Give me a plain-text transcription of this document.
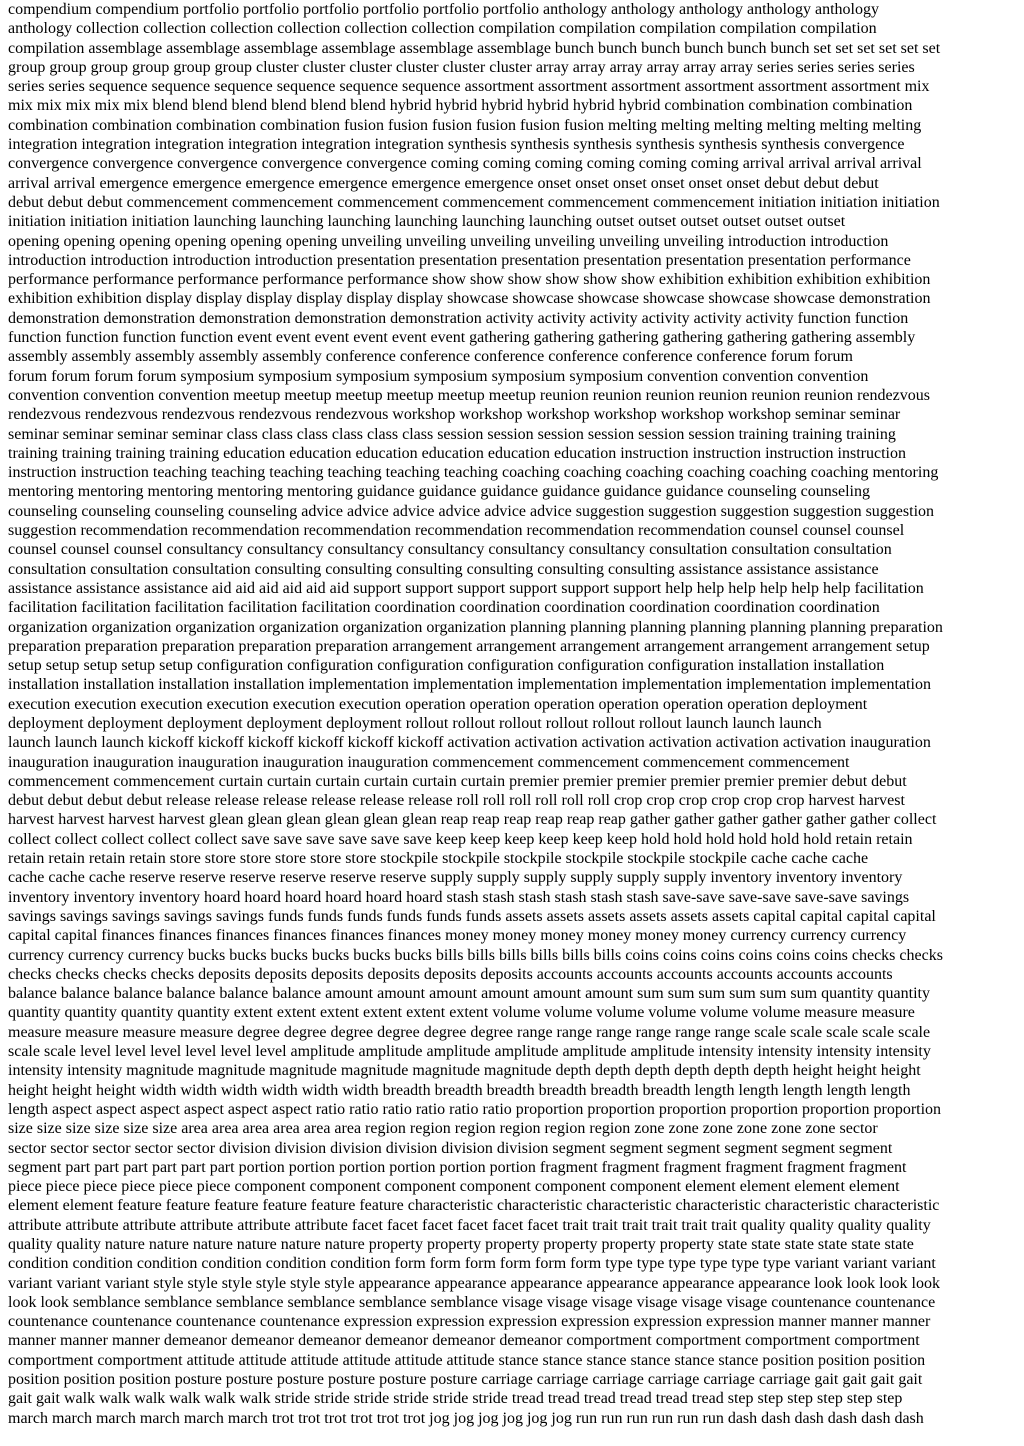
compendium compendium portfolio portfolio portfolio portfolio portfolio portfolio anthology anthology anthology anthology anthology
anthology collection collection collection collection collection collection compilation compilation compilation compilation compilation
compilation assemblage assemblage assemblage assemblage assemblage assemblage bunch bunch bunch bunch bunch bunch set set set set set set
group group group group group group cluster cluster cluster cluster cluster cluster array array array array array array series series series series
series series sequence sequence sequence sequence sequence sequence assortment assortment assortment assortment assortment assortment mix
mix mix mix mix mix blend blend blend blend blend blend hybrid hybrid hybrid hybrid hybrid hybrid combination combination combination
combination combination combination combination fusion fusion fusion fusion fusion fusion melting melting melting melting melting melting
integration integration integration integration integration integration synthesis synthesis synthesis synthesis synthesis synthesis convergence
convergence convergence convergence convergence convergence coming coming coming coming coming coming arrival arrival arrival arrival
arrival arrival emergence emergence emergence emergence emergence emergence onset onset onset onset onset onset debut debut debut
debut debut debut commencement commencement commencement commencement commencement commencement initiation initiation initiation
initiation initiation initiation launching launching launching launching launching launching outset outset outset outset outset outset
opening opening opening opening opening opening unveiling unveiling unveiling unveiling unveiling unveiling introduction introduction
introduction introduction introduction introduction presentation presentation presentation presentation presentation presentation performance
performance performance performance performance performance show show show show show show exhibition exhibition exhibition exhibition
exhibition exhibition display display display display display display showcase showcase showcase showcase showcase showcase demonstration
demonstration demonstration demonstration demonstration demonstration activity activity activity activity activity activity function function
function function function function event event event event event event gathering gathering gathering gathering gathering gathering assembly
assembly assembly assembly assembly assembly conference conference conference conference conference conference forum forum
forum forum forum forum symposium symposium symposium symposium symposium symposium convention convention convention
convention convention convention meetup meetup meetup meetup meetup meetup reunion reunion reunion reunion reunion reunion rendezvous
rendezvous rendezvous rendezvous rendezvous rendezvous workshop workshop workshop workshop workshop workshop seminar seminar
seminar seminar seminar seminar class class class class class class session session session session session session training training training
training training training training education education education education education education instruction instruction instruction instruction
instruction instruction teaching teaching teaching teaching teaching teaching coaching coaching coaching coaching coaching coaching mentoring
mentoring mentoring mentoring mentoring mentoring guidance guidance guidance guidance guidance guidance counseling counseling
counseling counseling counseling counseling advice advice advice advice advice advice suggestion suggestion suggestion suggestion suggestion
suggestion recommendation recommendation recommendation recommendation recommendation recommendation counsel counsel counsel
counsel counsel counsel consultancy consultancy consultancy consultancy consultancy consultancy consultation consultation consultation
consultation consultation consultation consulting consulting consulting consulting consulting consulting assistance assistance assistance
assistance assistance assistance aid aid aid aid aid aid support support support support support support help help help help help help facilitation
facilitation facilitation facilitation facilitation facilitation coordination coordination coordination coordination coordination coordination
organization organization organization organization organization organization planning planning planning planning planning planning preparation
preparation preparation preparation preparation preparation arrangement arrangement arrangement arrangement arrangement arrangement setup
setup setup setup setup setup configuration configuration configuration configuration configuration configuration installation installation
installation installation installation installation implementation implementation implementation implementation implementation implementation
execution execution execution execution execution execution operation operation operation operation operation operation deployment
deployment deployment deployment deployment deployment rollout rollout rollout rollout rollout rollout launch launch launch
launch launch launch kickoff kickoff kickoff kickoff kickoff kickoff activation activation activation activation activation activation inauguration
inauguration inauguration inauguration inauguration inauguration commencement commencement commencement commencement
commencement commencement curtain curtain curtain curtain curtain curtain premier premier premier premier premier premier debut debut
debut debut debut debut release release release release release release roll roll roll roll roll roll crop crop crop crop crop crop harvest harvest
harvest harvest harvest harvest glean glean glean glean glean glean reap reap reap reap reap reap gather gather gather gather gather gather collect
collect collect collect collect collect save save save save save save keep keep keep keep keep keep hold hold hold hold hold hold retain retain
retain retain retain retain store store store store store store stockpile stockpile stockpile stockpile stockpile stockpile cache cache cache
cache cache cache reserve reserve reserve reserve reserve reserve supply supply supply supply supply supply inventory inventory inventory
inventory inventory inventory hoard hoard hoard hoard hoard hoard stash stash stash stash stash stash save-save save-save save-save savings
savings savings savings savings savings funds funds funds funds funds funds assets assets assets assets assets assets capital capital capital capital
capital capital finances finances finances finances finances finances money money money money money money currency currency currency
currency currency currency bucks bucks bucks bucks bucks bucks bills bills bills bills bills bills coins coins coins coins coins coins checks checks
checks checks checks checks deposits deposits deposits deposits deposits deposits accounts accounts accounts accounts accounts accounts
balance balance balance balance balance balance amount amount amount amount amount amount sum sum sum sum sum sum quantity quantity
quantity quantity quantity quantity extent extent extent extent extent extent volume volume volume volume volume volume measure measure
measure measure measure measure degree degree degree degree degree degree range range range range range range scale scale scale scale scale
scale scale level level level level level level amplitude amplitude amplitude amplitude amplitude amplitude intensity intensity intensity intensity
intensity intensity magnitude magnitude magnitude magnitude magnitude magnitude depth depth depth depth depth depth height height height
height height height width width width width width width breadth breadth breadth breadth breadth breadth length length length length length
length aspect aspect aspect aspect aspect aspect ratio ratio ratio ratio ratio ratio proportion proportion proportion proportion proportion proportion
size size size size size size area area area area area area region region region region region region zone zone zone zone zone zone sector
sector sector sector sector sector division division division division division division segment segment segment segment segment segment
segment part part part part part part portion portion portion portion portion portion fragment fragment fragment fragment fragment fragment
piece piece piece piece piece piece component component component component component component element element element element
element element feature feature feature feature feature feature characteristic characteristic characteristic characteristic characteristic characteristic
attribute attribute attribute attribute attribute attribute facet facet facet facet facet facet trait trait trait trait trait trait quality quality quality quality
quality quality nature nature nature nature nature nature property property property property property property state state state state state state
condition condition condition condition condition condition form form form form form form type type type type type type variant variant variant
variant variant variant style style style style style style appearance appearance appearance appearance appearance appearance look look look look
look look semblance semblance semblance semblance semblance semblance visage visage visage visage visage visage countenance countenance
countenance countenance countenance countenance expression expression expression expression expression expression manner manner manner
manner manner manner demeanor demeanor demeanor demeanor demeanor demeanor comportment comportment comportment comportment
comportment comportment attitude attitude attitude attitude attitude attitude stance stance stance stance stance stance position position position
position position position posture posture posture posture posture posture carriage carriage carriage carriage carriage carriage gait gait gait gait
gait gait walk walk walk walk walk walk stride stride stride stride stride stride tread tread tread tread tread tread step step step step step step
march march march march march march trot trot trot trot trot trot jog jog jog jog jog jog run run run run run run dash dash dash dash dash dash
